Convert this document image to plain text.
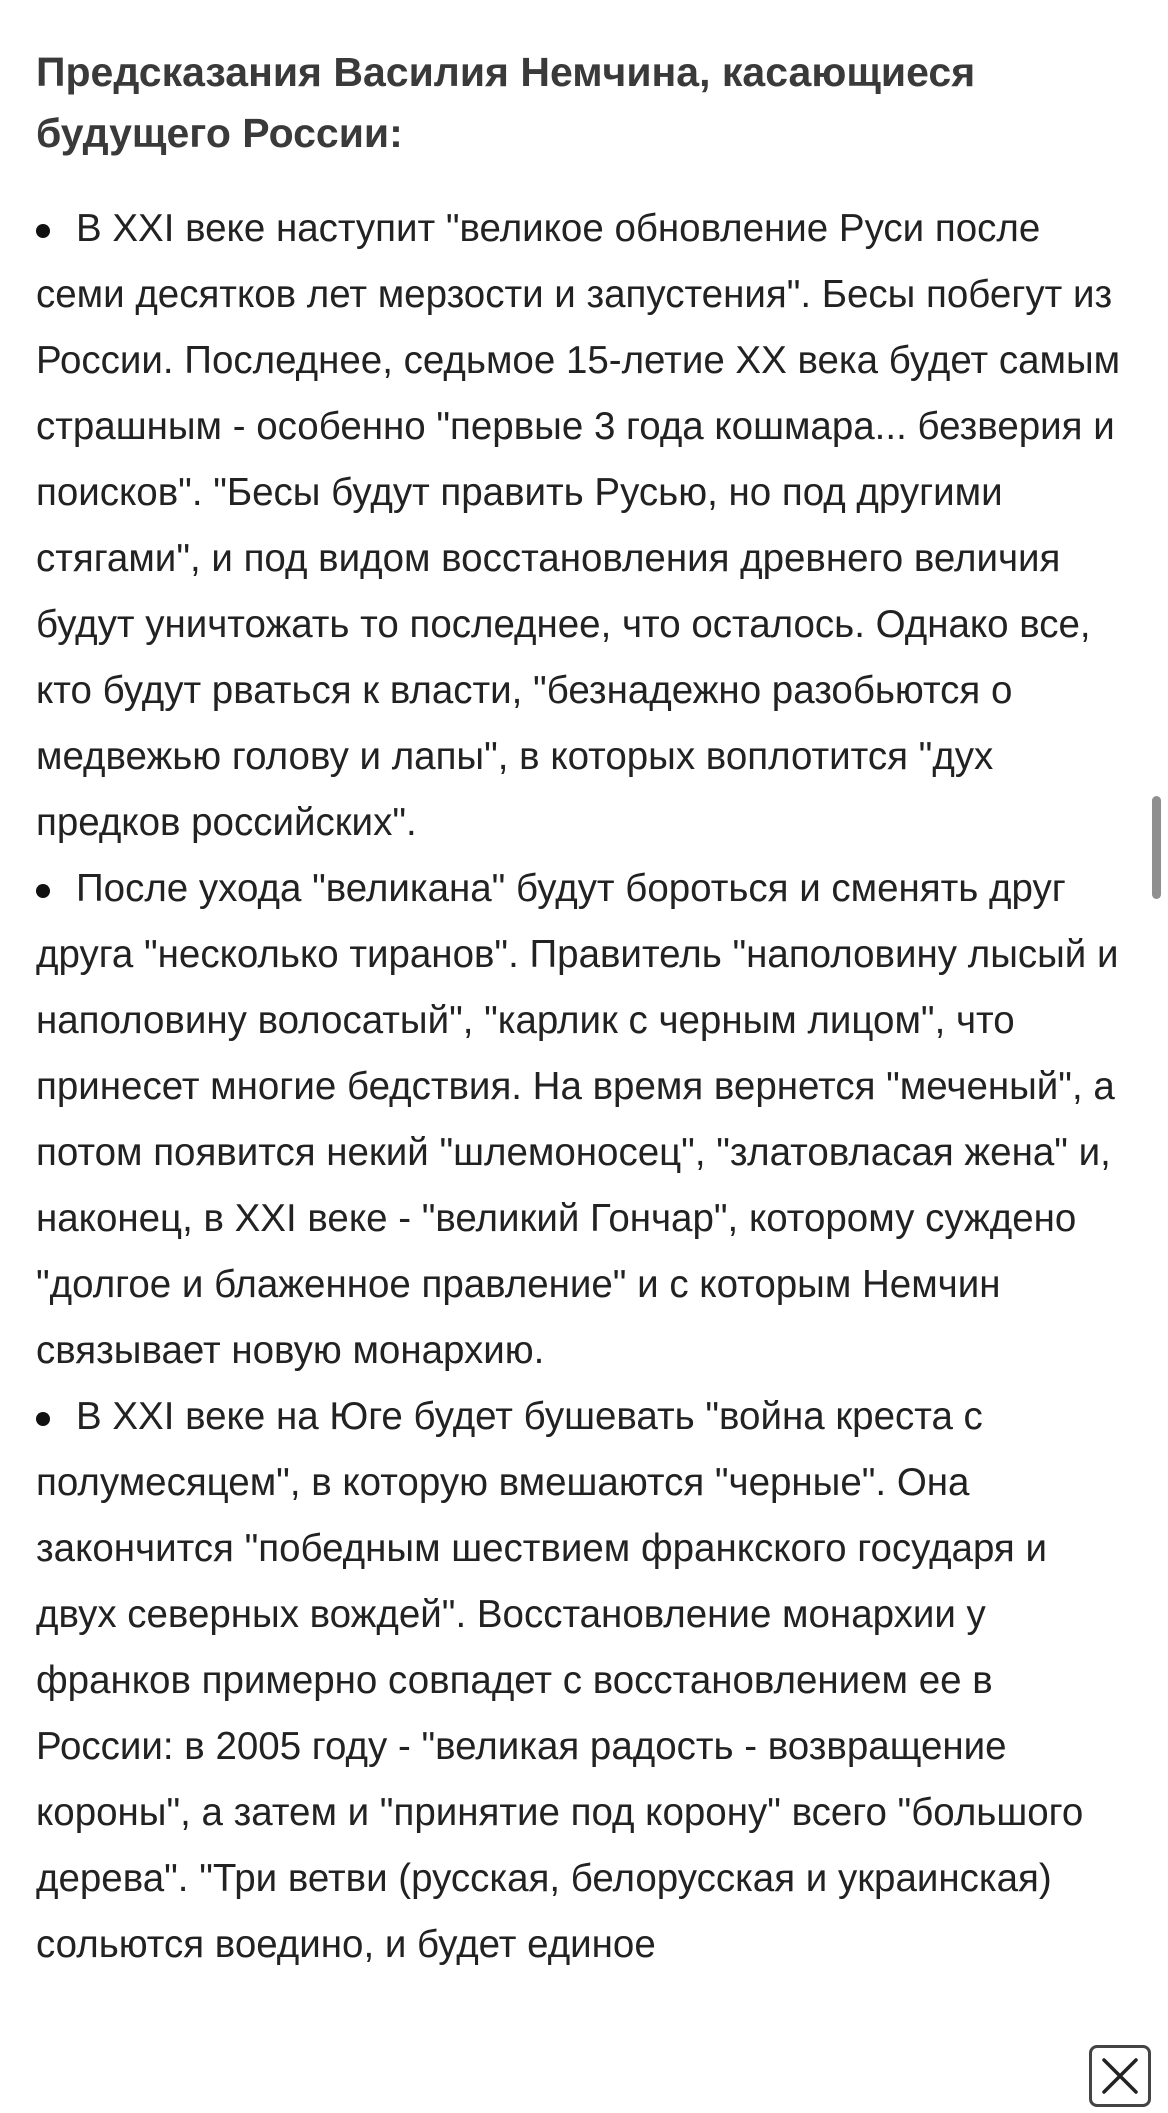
Предсказания Василия Немчина, касающиеся будущего России:
В XXI веке наступит "великое обновление Руси после семи десятков лет мерзости и запустения". Бесы побегут из России. Последнее, седьмое 15-летие XX века будет самым страшным - особенно "первые 3 года кошмара... безверия и поисков". "Бесы будут править Русью, но под другими стягами", и под видом восстановления древнего величия будут уничтожать то последнее, что осталось. Однако все, кто будут рваться к власти, "безнадежно разобьются о медвежью голову и лапы", в которых воплотится "дух предков российских".
После ухода "великана" будут бороться и сменять друг друга "несколько тиранов". Правитель "наполовину лысый и наполовину волосатый", "карлик с черным лицом", что принесет многие бедствия. На время вернется "меченый", а потом появится некий "шлемоносец", "златовласая жена" и, наконец, в XXI веке - "великий Гончар", которому суждено "долгое и блаженное правление" и с которым Немчин связывает новую монархию.
В XXI веке на Юге будет бушевать "война креста с полумесяцем", в которую вмешаются "черные". Она закончится "победным шествием франкского государя и двух северных вождей". Восстановление монархии у франков примерно совпадет с восстановлением ее в России: в 2005 году - "великая радость - возвращение короны", а затем и "принятие под корону" всего "большого дерева". "Три ветви (русская, белорусская и украинская) сольются воедино, и будет единое
